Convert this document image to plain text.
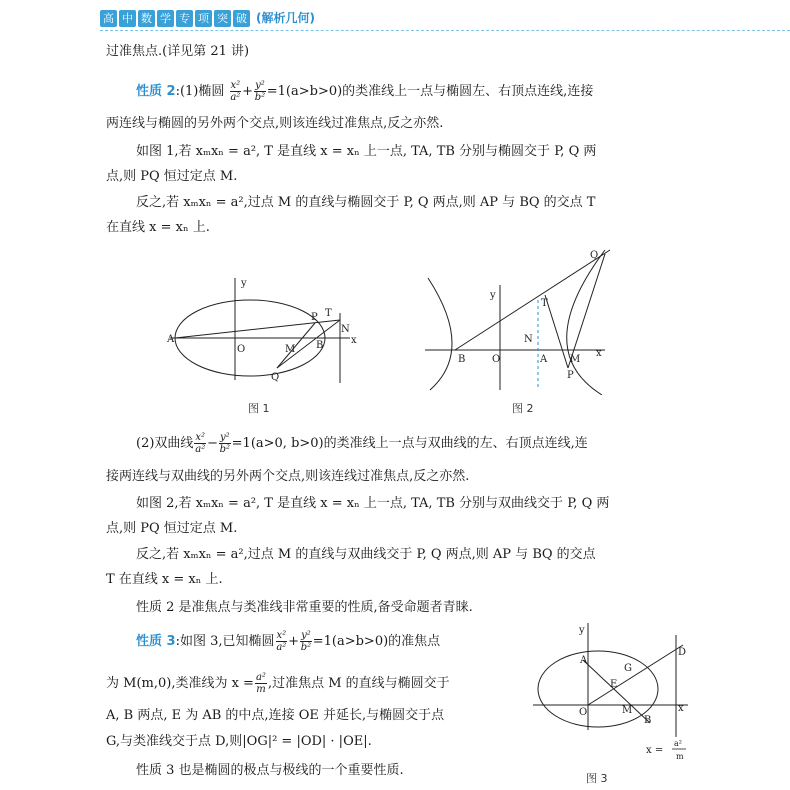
高 中 数 学 专 项 突 破 (解析几何)
过准焦点.(详见第 21 讲)
性质 2:(1)椭圆 $\frac{\text{x²}}{\text{a²}} + \frac{\text{y²}}{\text{b²}} =1(a>b>0)$的类准线上一点与椭圆左、右顶点连线,连接
两连线与椭圆的另外两个交点,则该连线过准焦点,反之亦然.
如图 1,若 xₘxₙ = a², T 是直线 x = xₙ 上一点, TA, TB 分别与椭圆交于 P, Q 两
点,则 PQ 恒过定点 M.
反之,若 xₘxₙ = a²,过点 M 的直线与椭圆交于 P, Q 两点,则 AP 与 BQ 的交点 T
在直线 x = xₙ 上.
y
x
A
O	M B
P T
N
Q
图 1
y
x
B	O
N
A M
P
T
Q
图 2
(2)双曲线 $\frac{\text{x²}}{\text{a²}} - \frac{\text{y²}}{\text{b²}} =1(a>0$, b>0)的类准线上一点与双曲线的左、右顶点连线,连
接两连线与双曲线的另外两个交点,则该连线过准焦点,反之亦然.
如图 2,若 xₘxₙ = a², T 是直线 x = xₙ 上一点, TA, TB 分别与双曲线交于 P, Q 两
点,则 PQ 恒过定点 M.
反之,若 xₘxₙ = a²,过点 M 的直线与双曲线交于 P, Q 两点,则 AP 与 BQ 的交点
T 在直线 x = xₙ 上.
性质 2 是准焦点与类准线非常重要的性质,备受命题者青睐.
性质 3:如图 3,已知椭圆 $\frac{\text{x²}}{\text{a²}} + \frac{\text{y²}}{\text{b²}} =1(a>b>0)$的准焦点
为 M(m,0),类准线为 $x = \frac{\text{a²}}{m}$ ,过准焦点 M 的直线与椭圆交于
A, B 两点, E 为 AB 的中点,连接 OE 并延长,与椭圆交于点
G,与类准线交于点 D,则|OG|² = |OD| · |OE|.
性质 3 也是椭圆的极点与极线的一个重要性质.
y
x
A
O	M
B
E
G
D
x =
a²
m
图 3
